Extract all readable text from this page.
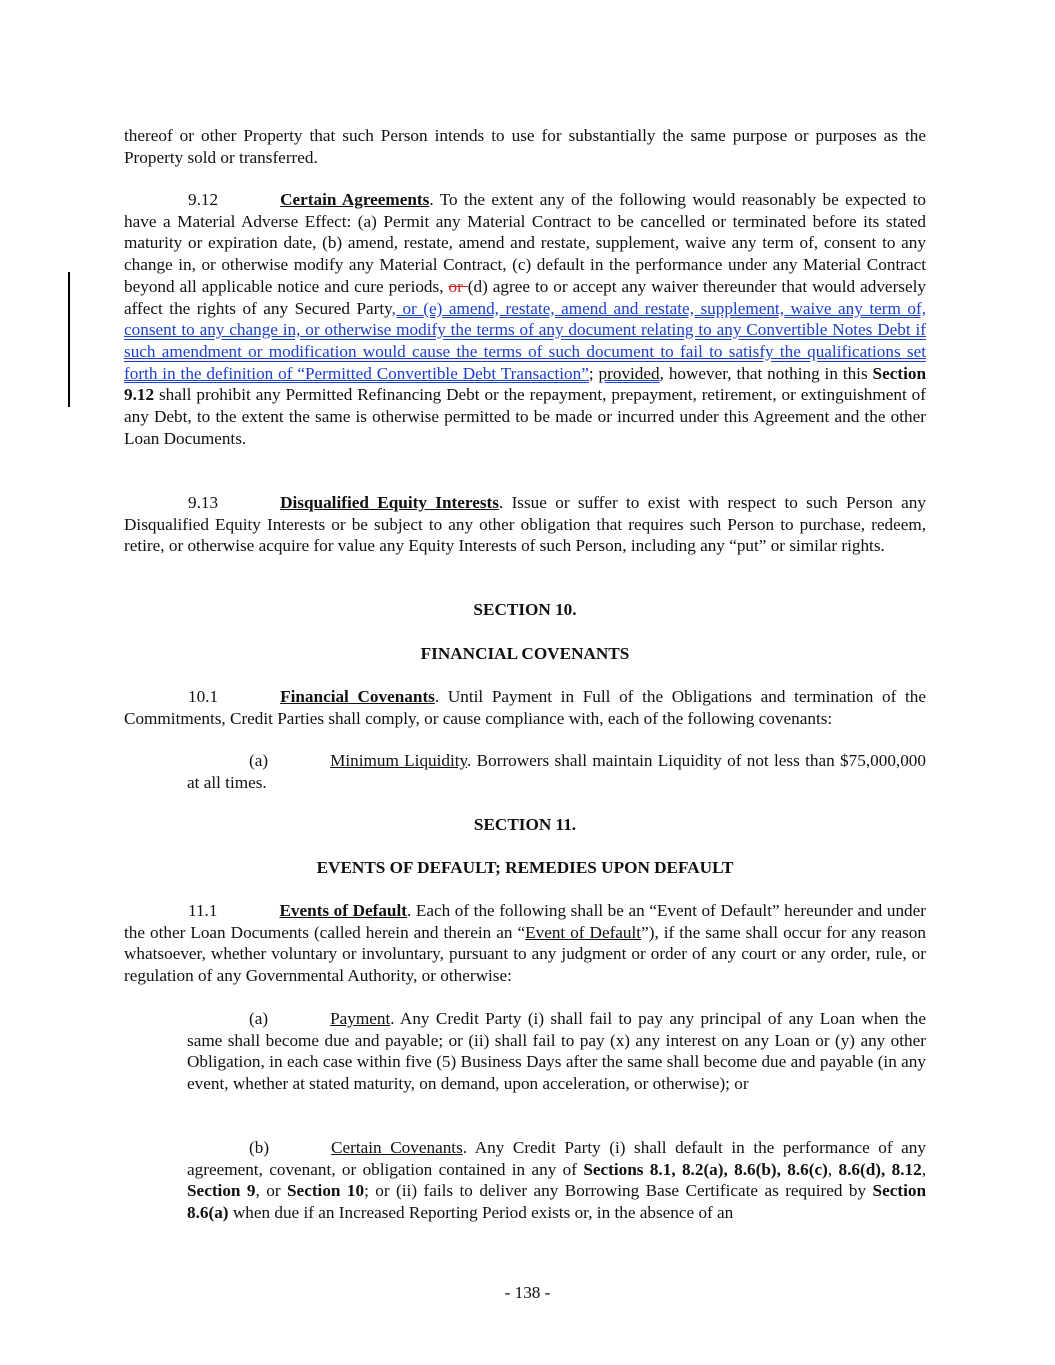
thereof or other Property that such Person intends to use for substantially the same purpose or purposes as the Property sold or transferred.

9.12	Certain Agreements. To the extent any of the following would reasonably be expected to have a Material Adverse Effect: (a) Permit any Material Contract to be cancelled or terminated before its stated maturity or expiration date, (b) amend, restate, amend and restate, supplement, waive any term of, consent to any change in, or otherwise modify any Material Contract, (c) default in the performance under any Material Contract beyond all applicable notice and cure periods, or (d) agree to or accept any waiver thereunder that would adversely affect the rights of any Secured Party, or (e) amend, restate, amend and restate, supplement, waive any term of, consent to any change in, or otherwise modify the terms of any document relating to any Convertible Notes Debt if such amendment or modification would cause the terms of such document to fail to satisfy the qualifications set forth in the definition of “Permitted Convertible Debt Transaction”; provided, however, that nothing in this Section 9.12 shall prohibit any Permitted Refinancing Debt or the repayment, prepayment, retirement, or extinguishment of any Debt, to the extent the same is otherwise permitted to be made or incurred under this Agreement and the other Loan Documents.

9.13	Disqualified Equity Interests. Issue or suffer to exist with respect to such Person any Disqualified Equity Interests or be subject to any other obligation that requires such Person to purchase, redeem, retire, or otherwise acquire for value any Equity Interests of such Person, including any “put” or similar rights.

SECTION 10.

FINANCIAL COVENANTS

10.1	Financial Covenants. Until Payment in Full of the Obligations and termination of the Commitments, Credit Parties shall comply, or cause compliance with, each of the following covenants:

(a)	Minimum Liquidity. Borrowers shall maintain Liquidity of not less than $75,000,000 at all times.

SECTION 11.

EVENTS OF DEFAULT; REMEDIES UPON DEFAULT

11.1	Events of Default. Each of the following shall be an “Event of Default” hereunder and under the other Loan Documents (called herein and therein an “Event of Default”), if the same shall occur for any reason whatsoever, whether voluntary or involuntary, pursuant to any judgment or order of any court or any order, rule, or regulation of any Governmental Authority, or otherwise:

(a)	Payment. Any Credit Party (i) shall fail to pay any principal of any Loan when the same shall become due and payable; or (ii) shall fail to pay (x) any interest on any Loan or (y) any other Obligation, in each case within five (5) Business Days after the same shall become due and payable (in any event, whether at stated maturity, on demand, upon acceleration, or otherwise); or

(b)	Certain Covenants. Any Credit Party (i) shall default in the performance of any agreement, covenant, or obligation contained in any of Sections 8.1, 8.2(a), 8.6(b), 8.6(c), 8.6(d), 8.12, Section 9, or Section 10; or (ii) fails to deliver any Borrowing Base Certificate as required by Section 8.6(a) when due if an Increased Reporting Period exists or, in the absence of an

- 138 -
